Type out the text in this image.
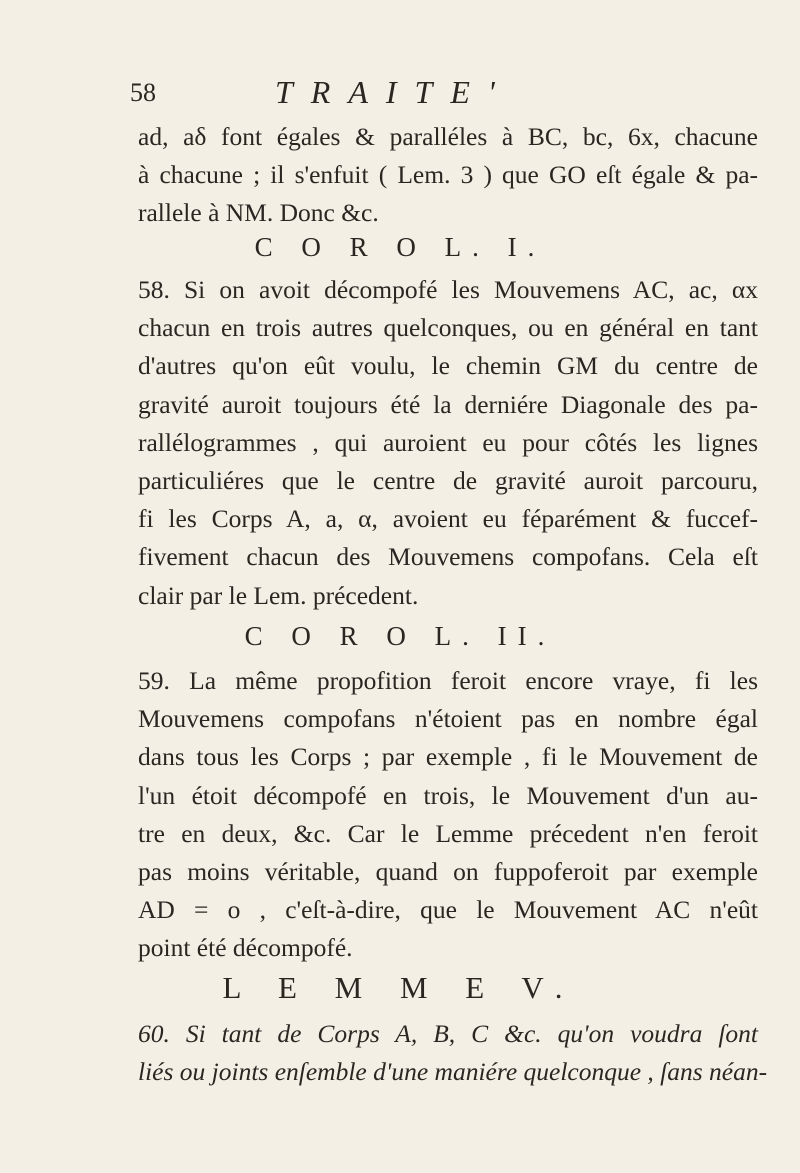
58	TRAITE'

ad, aδ font égales & paralléles à BC, bc, 6x, chacune
à chacune ; il s'enfuit ( Lem. 3 ) que GO eſt égale & pa-
rallele à NM. Donc &c.

C O R O L. I.

58. Si on avoit décompofé les Mouvemens AC, ac, αx
chacun en trois autres quelconques, ou en général en tant
d'autres qu'on eût voulu, le chemin GM du centre de
gravité auroit toujours été la derniére Diagonale des pa-
rallélogrammes , qui auroient eu pour côtés les lignes
particuliéres que le centre de gravité auroit parcouru,
fi les Corps A, a, α, avoient eu féparément & fuccef-
fivement chacun des Mouvemens compofans. Cela eſt
clair par le Lem. précedent.

C O R O L. II.

59. La même propofition feroit encore vraye, fi les
Mouvemens compofans n'étoient pas en nombre égal
dans tous les Corps ; par exemple , fi le Mouvement de
l'un étoit décompofé en trois, le Mouvement d'un au-
tre en deux, &c. Car le Lemme précedent n'en feroit
pas moins véritable, quand on fuppoferoit par exemple
AD = o , c'eſt-à-dire, que le Mouvement AC n'eût
point été décompofé.

L E M M E V.

60. Si tant de Corps A, B, C &c. qu'on voudra ſont
liés ou joints enſemble d'une maniére quelconque , ſans néan-
